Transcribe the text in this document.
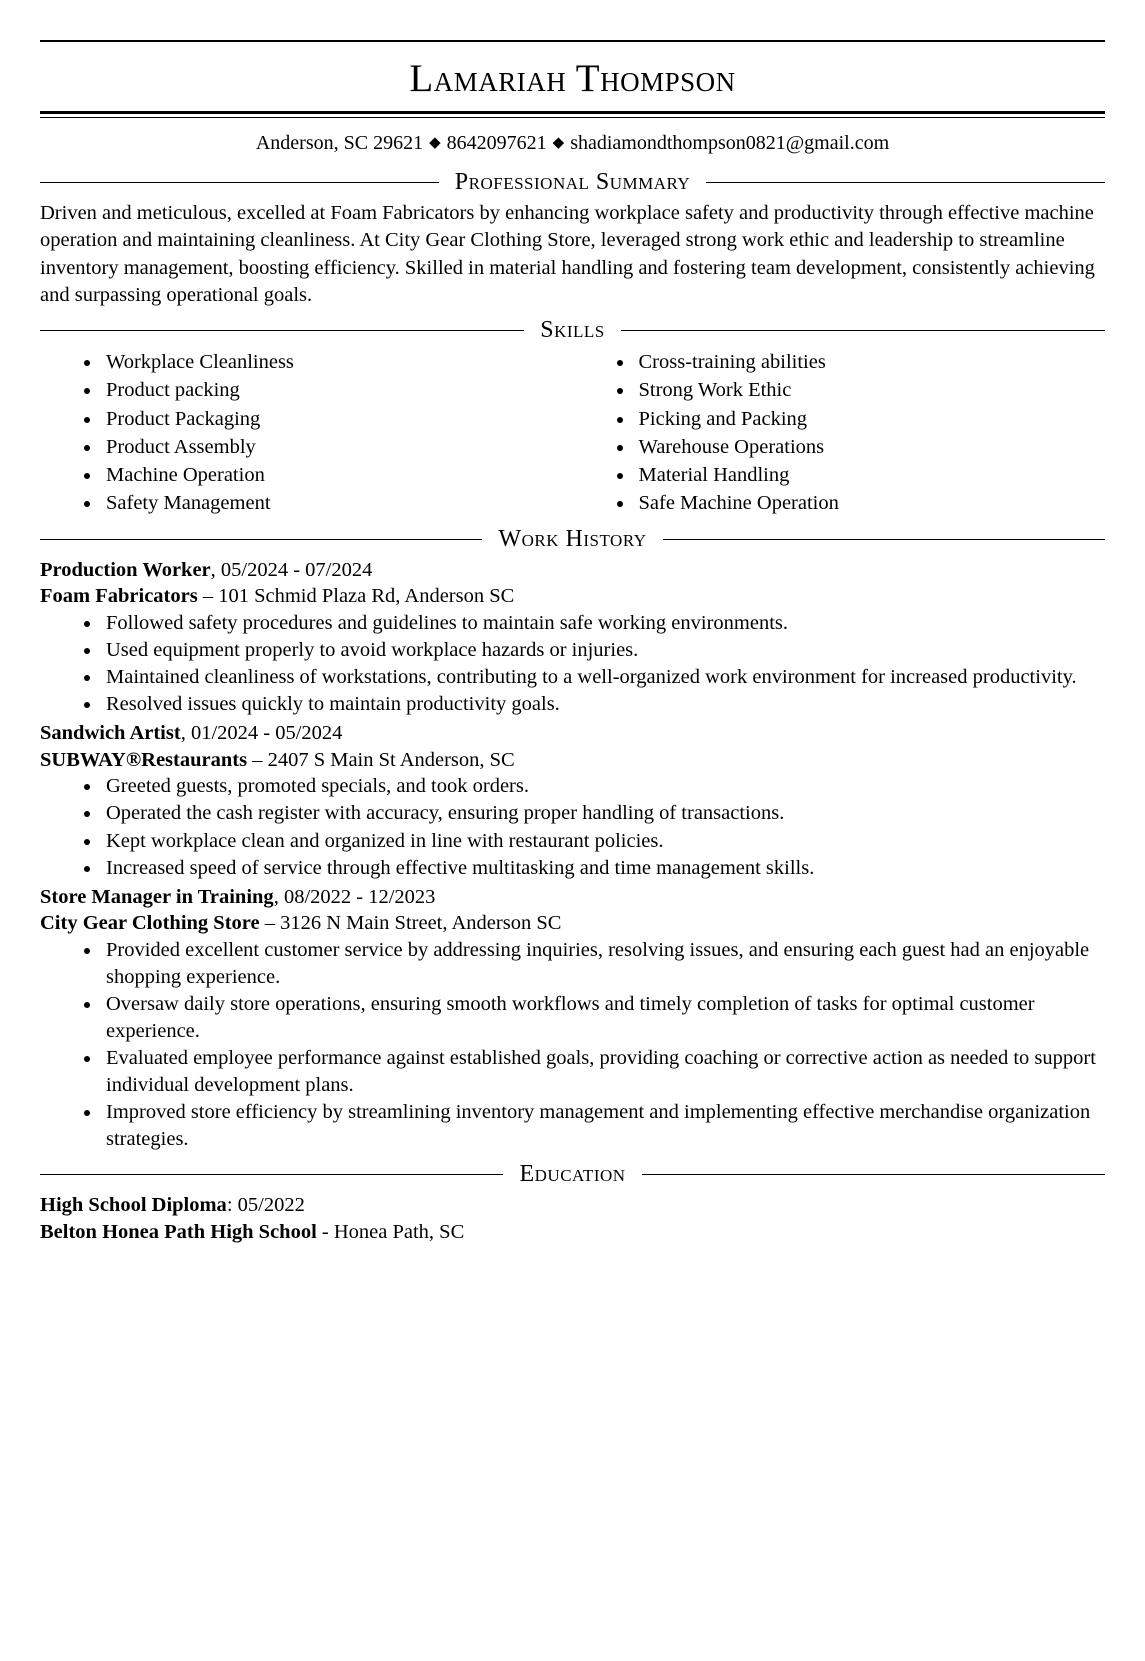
Lamariah Thompson
Anderson, SC 29621 ◆ 8642097621 ◆ shadiamondthompson0821@gmail.com
Professional Summary
Driven and meticulous, excelled at Foam Fabricators by enhancing workplace safety and productivity through effective machine operation and maintaining cleanliness. At City Gear Clothing Store, leveraged strong work ethic and leadership to streamline inventory management, boosting efficiency. Skilled in material handling and fostering team development, consistently achieving and surpassing operational goals.
Skills
• Workplace Cleanliness
• Product packing
• Product Packaging
• Product Assembly
• Machine Operation
• Safety Management
• Cross-training abilities
• Strong Work Ethic
• Picking and Packing
• Warehouse Operations
• Material Handling
• Safe Machine Operation
Work History
Production Worker, 05/2024 - 07/2024
Foam Fabricators – 101 Schmid Plaza Rd, Anderson SC
• Followed safety procedures and guidelines to maintain safe working environments.
• Used equipment properly to avoid workplace hazards or injuries.
• Maintained cleanliness of workstations, contributing to a well-organized work environment for increased productivity.
• Resolved issues quickly to maintain productivity goals.
Sandwich Artist, 01/2024 - 05/2024
SUBWAY®Restaurants – 2407 S Main St Anderson, SC
• Greeted guests, promoted specials, and took orders.
• Operated the cash register with accuracy, ensuring proper handling of transactions.
• Kept workplace clean and organized in line with restaurant policies.
• Increased speed of service through effective multitasking and time management skills.
Store Manager in Training, 08/2022 - 12/2023
City Gear Clothing Store – 3126 N Main Street, Anderson SC
• Provided excellent customer service by addressing inquiries, resolving issues, and ensuring each guest had an enjoyable shopping experience.
• Oversaw daily store operations, ensuring smooth workflows and timely completion of tasks for optimal customer experience.
• Evaluated employee performance against established goals, providing coaching or corrective action as needed to support individual development plans.
• Improved store efficiency by streamlining inventory management and implementing effective merchandise organization strategies.
Education
High School Diploma: 05/2022
Belton Honea Path High School - Honea Path, SC
